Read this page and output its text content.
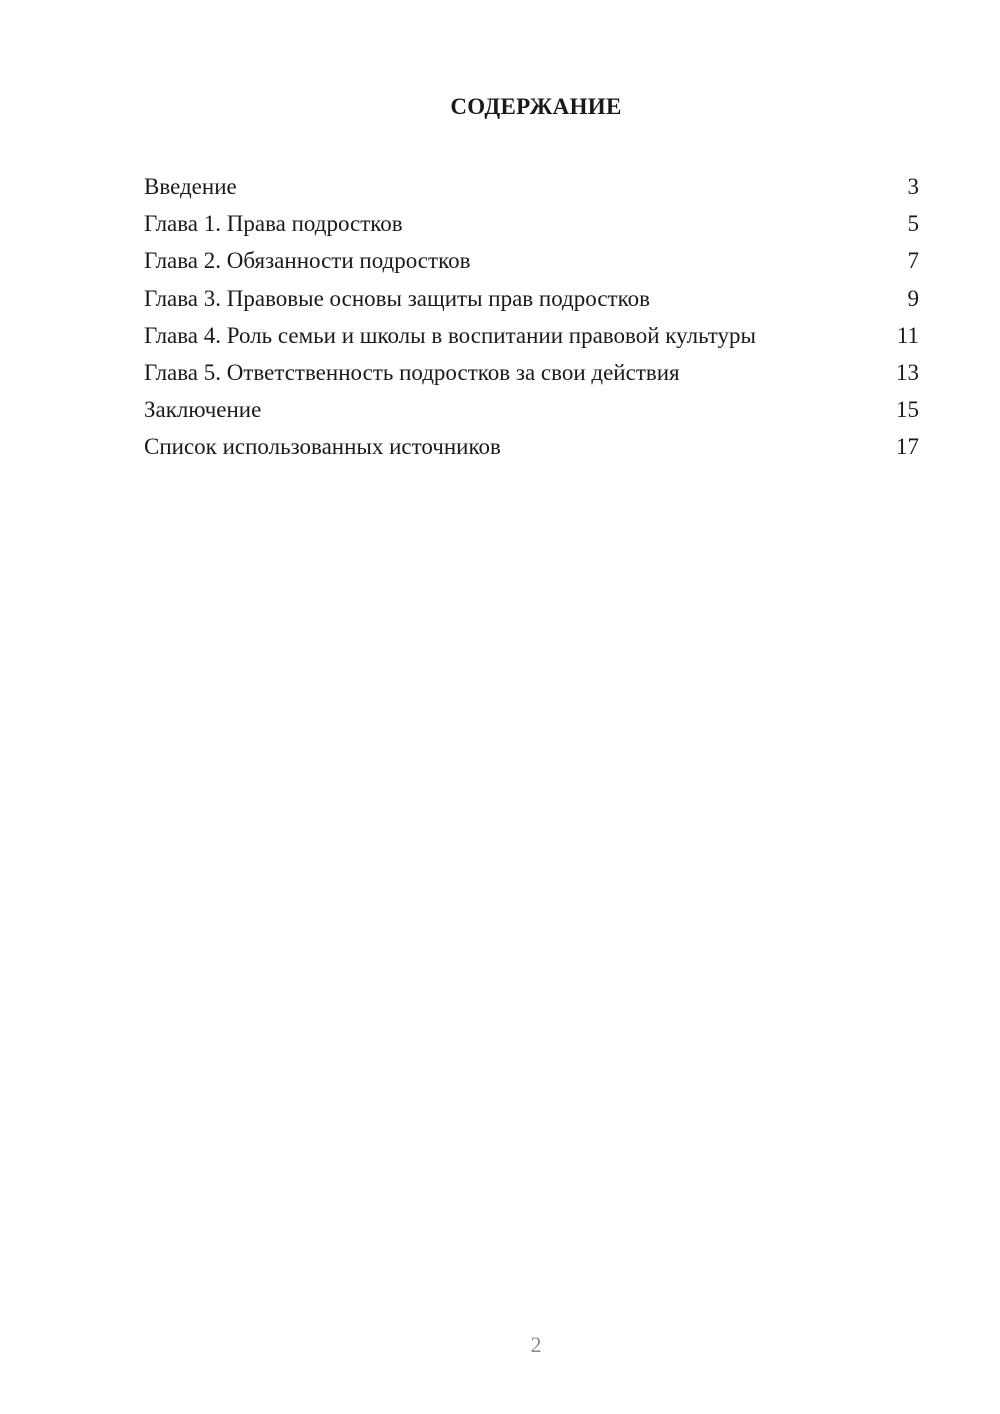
СОДЕРЖАНИЕ
Введение	3
Глава 1. Права подростков	5
Глава 2. Обязанности подростков	7
Глава 3. Правовые основы защиты прав подростков	9
Глава 4. Роль семьи и школы в воспитании правовой культуры	11
Глава 5. Ответственность подростков за свои действия	13
Заключение	15
Список использованных источников	17
2
